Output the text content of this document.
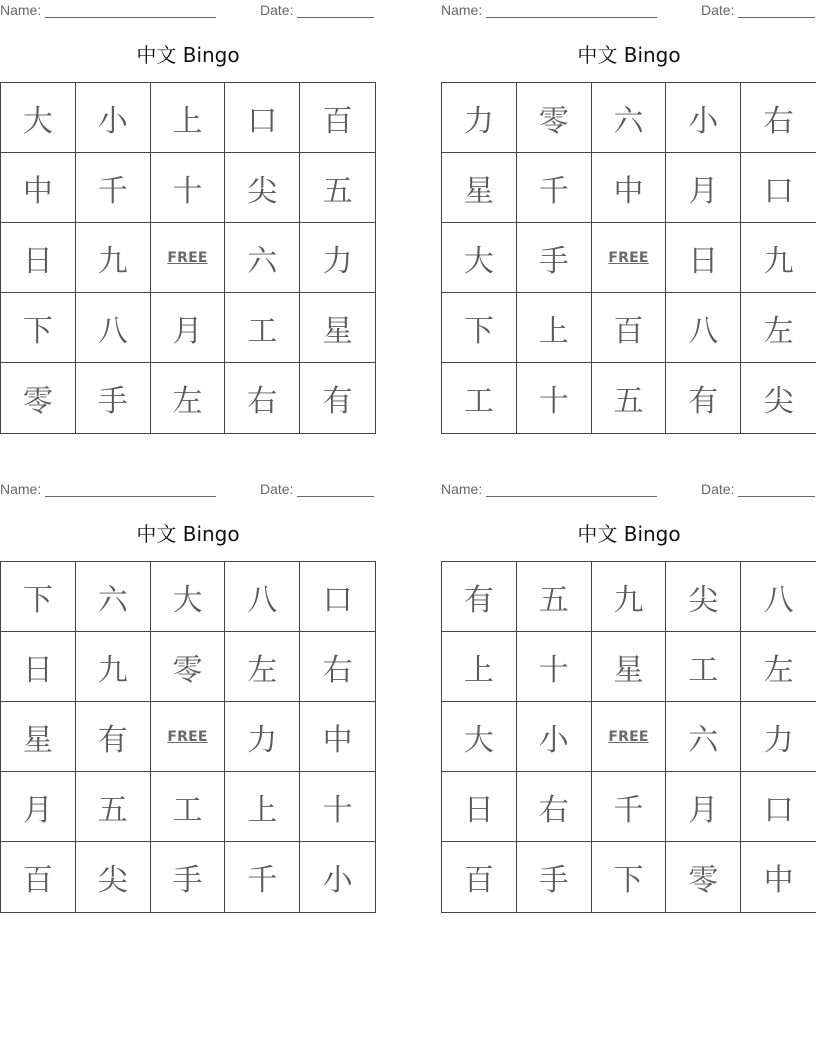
Name:	Date:
中文 Bingo
大	小	上	口	百
中	千	十	尖	五
日	九	FREE	六	力
下	八	月	工	星
零	手	左	右	有
Name:	Date:
中文 Bingo
力	零	六	小	右
星	千	中	月	口
大	手	FREE	日	九
下	上	百	八	左
工	十	五	有	尖
Name:	Date:
中文 Bingo
下	六	大	八	口
日	九	零	左	右
星	有	FREE	力	中
月	五	工	上	十
百	尖	手	千	小
Name:	Date:
中文 Bingo
有	五	九	尖	八
上	十	星	工	左
大	小	FREE	六	力
日	右	千	月	口
百	手	下	零	中
